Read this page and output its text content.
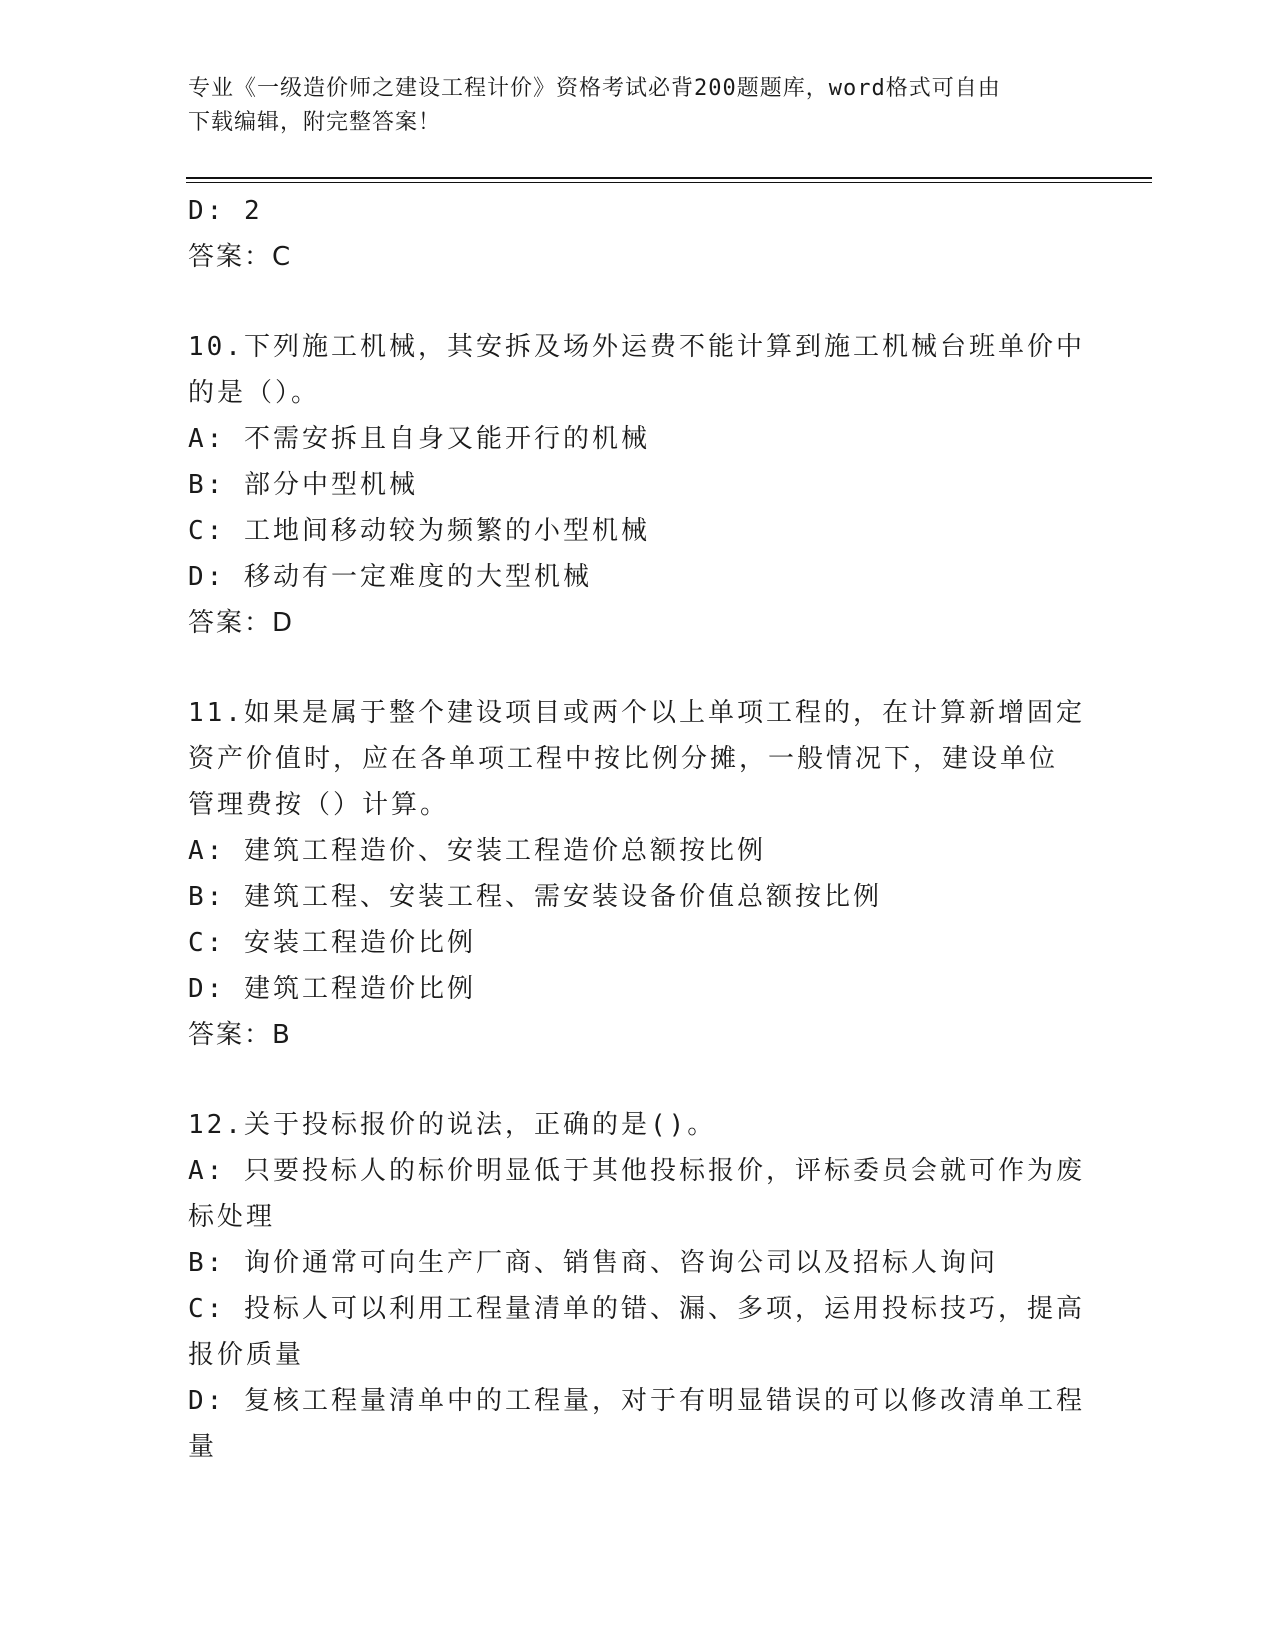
专业《一级造价师之建设工程计价》资格考试必背200题题库，word格式可自由
下载编辑，附完整答案！
D: 2
答案：C
10.下列施工机械，其安拆及场外运费不能计算到施工机械台班单价中
的是（）。
A: 不需安拆且自身又能开行的机械
B: 部分中型机械
C: 工地间移动较为频繁的小型机械
D: 移动有一定难度的大型机械
答案：D
11.如果是属于整个建设项目或两个以上单项工程的，在计算新增固定
资产价值时，应在各单项工程中按比例分摊，一般情况下，建设单位
管理费按（）计算。
A: 建筑工程造价、安装工程造价总额按比例
B: 建筑工程、安装工程、需安装设备价值总额按比例
C: 安装工程造价比例
D: 建筑工程造价比例
答案：B
12.关于投标报价的说法，正确的是()。
A: 只要投标人的标价明显低于其他投标报价，评标委员会就可作为废
标处理
B: 询价通常可向生产厂商、销售商、咨询公司以及招标人询问
C: 投标人可以利用工程量清单的错、漏、多项，运用投标技巧，提高
报价质量
D: 复核工程量清单中的工程量，对于有明显错误的可以修改清单工程
量
